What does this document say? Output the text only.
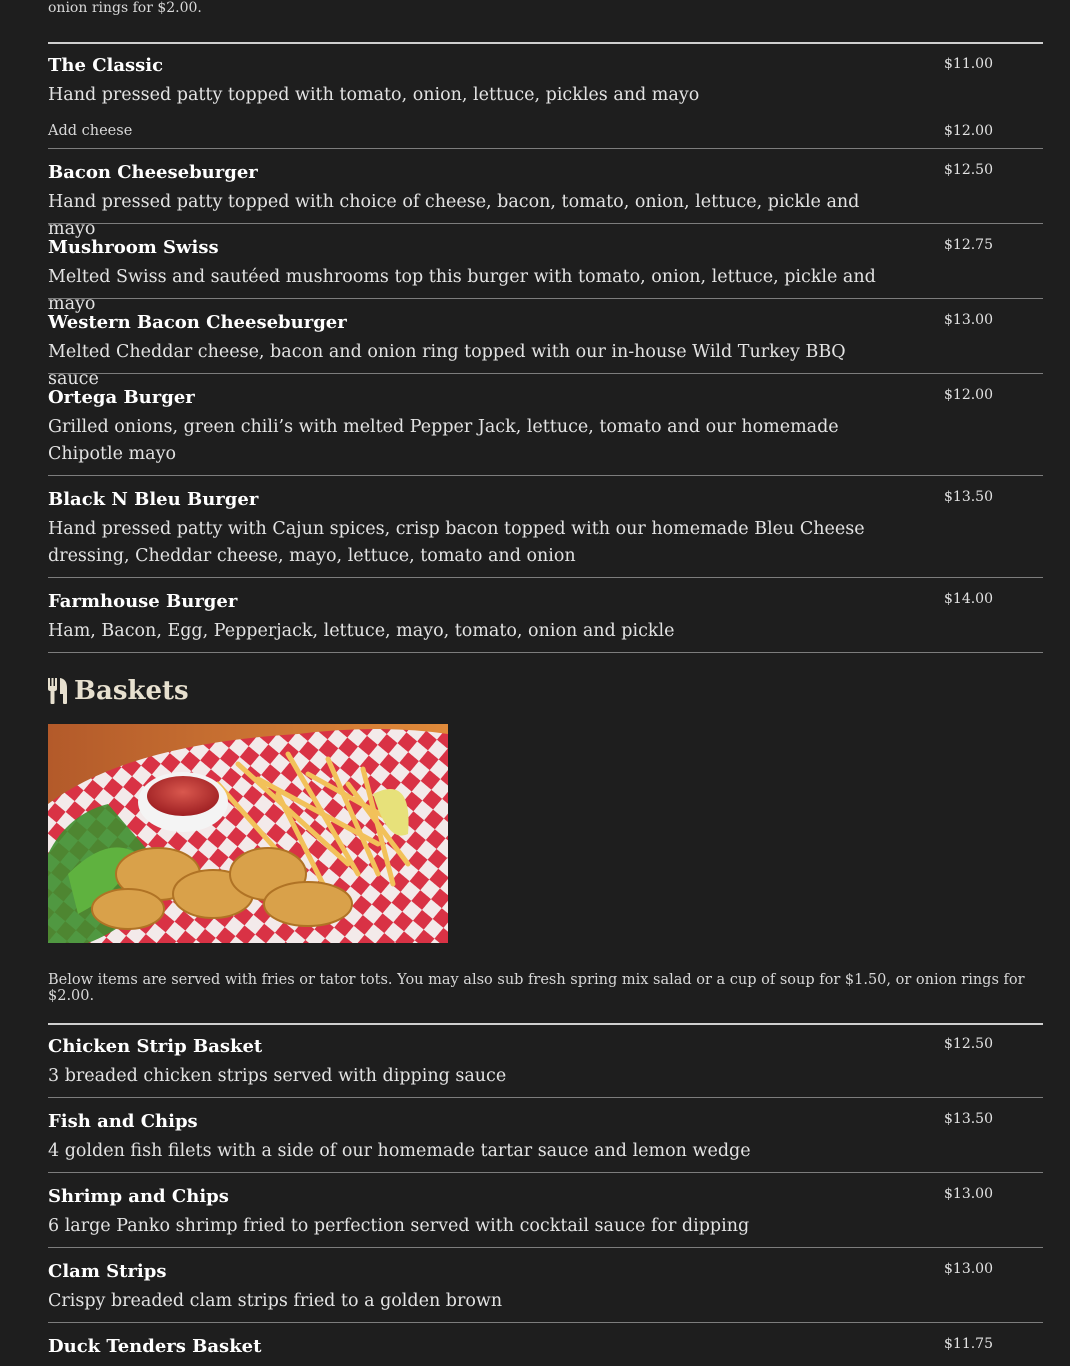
onion rings for $2.00.
The Classic
Hand pressed patty topped with tomato, onion, lettuce, pickles and mayo
$11.00
Add cheese	$12.00
Bacon Cheeseburger
Hand pressed patty topped with choice of cheese, bacon, tomato, onion, lettuce, pickle and mayo
$12.50
Mushroom Swiss
Melted Swiss and sautéed mushrooms top this burger with tomato, onion, lettuce, pickle and mayo
$12.75
Western Bacon Cheeseburger
Melted Cheddar cheese, bacon and onion ring topped with our in-house Wild Turkey BBQ sauce
$13.00
Ortega Burger
Grilled onions, green chili’s with melted Pepper Jack, lettuce, tomato and our homemade Chipotle mayo
$12.00
Black N Bleu Burger
Hand pressed patty with Cajun spices, crisp bacon topped with our homemade Bleu Cheese dressing, Cheddar cheese, mayo, lettuce, tomato and onion
$13.50
Farmhouse Burger
Ham, Bacon, Egg, Pepperjack, lettuce, mayo, tomato, onion and pickle
$14.00
Baskets
Below items are served with fries or tator tots. You may also sub fresh spring mix salad or a cup of soup for $1.50, or onion rings for $2.00.
Chicken Strip Basket
3 breaded chicken strips served with dipping sauce
$12.50
Fish and Chips
4 golden fish filets with a side of our homemade tartar sauce and lemon wedge
$13.50
Shrimp and Chips
6 large Panko shrimp fried to perfection served with cocktail sauce for dipping
$13.00
Clam Strips
Crispy breaded clam strips fried to a golden brown
$13.00
Duck Tenders Basket	$11.75
